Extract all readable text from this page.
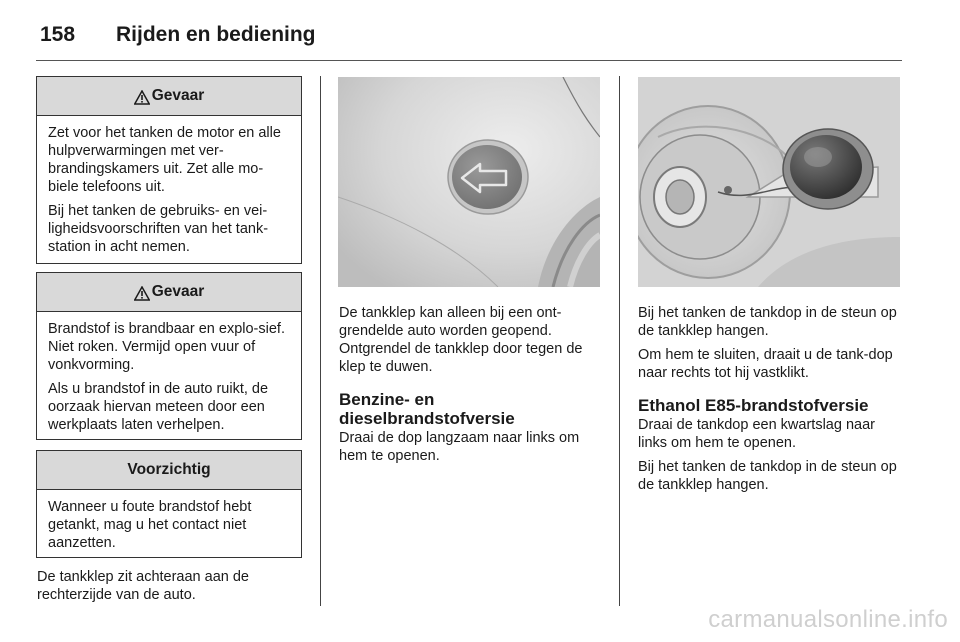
158	Rijden en bediening
Gevaar

Zet voor het tanken de motor en alle hulpverwarmingen met ver-brandingskamers uit. Zet alle mo-biele telefoons uit.

Bij het tanken de gebruiks- en vei-ligheidsvoorschriften van het tank-station in acht nemen.

Gevaar

Brandstof is brandbaar en explo-sief. Niet roken. Vermijd open vuur of vonkvorming.

Als u brandstof in de auto ruikt, de oorzaak hiervan meteen door een werkplaats laten verhelpen.

Voorzichtig

Wanneer u foute brandstof hebt getankt, mag u het contact niet aanzetten.

De tankklep zit achteraan aan de rechterzijde van de auto.

De tankklep kan alleen bij een ont-grendelde auto worden geopend. Ontgrendel de tankklep door tegen de klep te duwen.

Benzine- en dieselbrandstofversie

Draai de dop langzaam naar links om hem te openen.

Bij het tanken de tankdop in de steun op de tankklep hangen.

Om hem te sluiten, draait u de tank-dop naar rechts tot hij vastklikt.

Ethanol E85-brandstofversie

Draai de tankdop een kwartslag naar links om hem te openen.

Bij het tanken de tankdop in de steun op de tankklep hangen.

carmanualsonline.info
